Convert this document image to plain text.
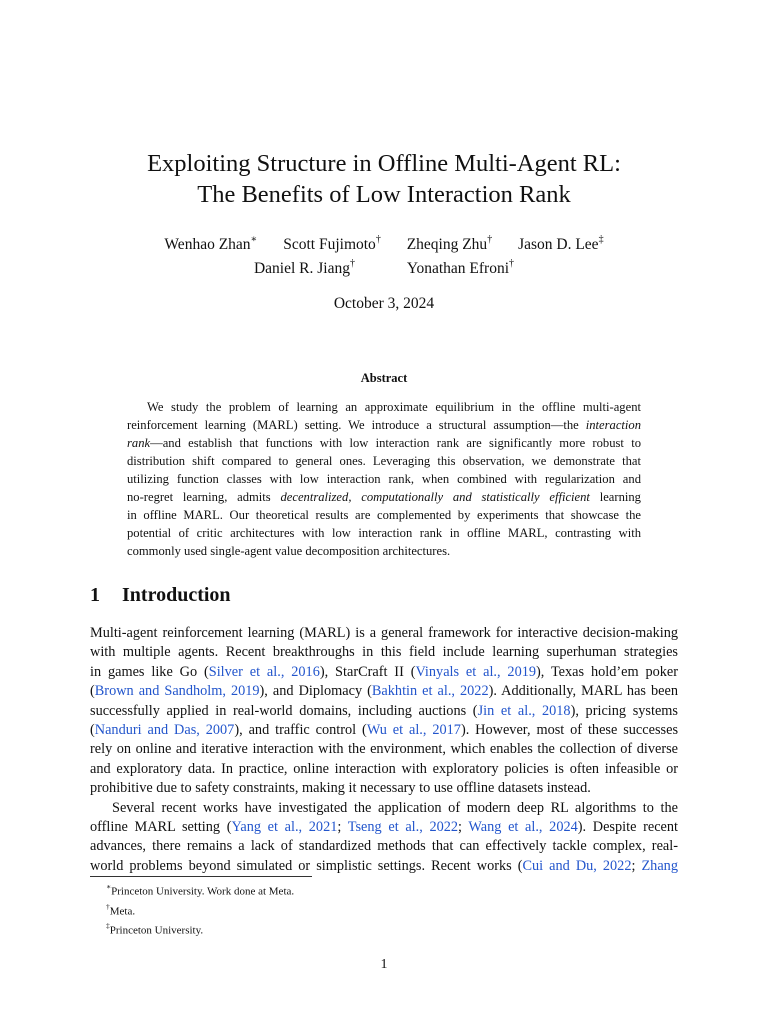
Exploiting Structure in Offline Multi-Agent RL:
The Benefits of Low Interaction Rank
Wenhao Zhan∗ Scott Fujimoto† Zheqing Zhu† Jason D. Lee‡
Daniel R. Jiang†	Yonathan Efroni†
October 3, 2024
Abstract
We study the problem of learning an approximate equilibrium in the offline multi-agent
reinforcement learning (MARL) setting. We introduce a structural assumption—the interaction
rank—and establish that functions with low interaction rank are significantly more robust to
distribution shift compared to general ones. Leveraging this observation, we demonstrate that
utilizing function classes with low interaction rank, when combined with regularization and
no-regret learning, admits decentralized, computationally and statistically efficient learning
in offline MARL. Our theoretical results are complemented by experiments that showcase the
potential of critic architectures with low interaction rank in offline MARL, contrasting with
commonly used single-agent value decomposition architectures.
1 Introduction
Multi-agent reinforcement learning (MARL) is a general framework for interactive decision-making
with multiple agents. Recent breakthroughs in this field include learning superhuman strategies
in games like Go (Silver et al., 2016), StarCraft II (Vinyals et al., 2019), Texas hold’em poker
(Brown and Sandholm, 2019), and Diplomacy (Bakhtin et al., 2022). Additionally, MARL has been
successfully applied in real-world domains, including auctions (Jin et al., 2018), pricing systems
(Nanduri and Das, 2007), and traffic control (Wu et al., 2017). However, most of these successes
rely on online and iterative interaction with the environment, which enables the collection of diverse
and exploratory data. In practice, online interaction with exploratory policies is often infeasible or
prohibitive due to safety constraints, making it necessary to use offline datasets instead.
Several recent works have investigated the application of modern deep RL algorithms to the
offline MARL setting (Yang et al., 2021; Tseng et al., 2022; Wang et al., 2024). Despite recent
advances, there remains a lack of standardized methods that can effectively tackle complex, real-
world problems beyond simulated or simplistic settings. Recent works (Cui and Du, 2022; Zhang
∗Princeton University. Work done at Meta.
†Meta.
‡Princeton University.
1
